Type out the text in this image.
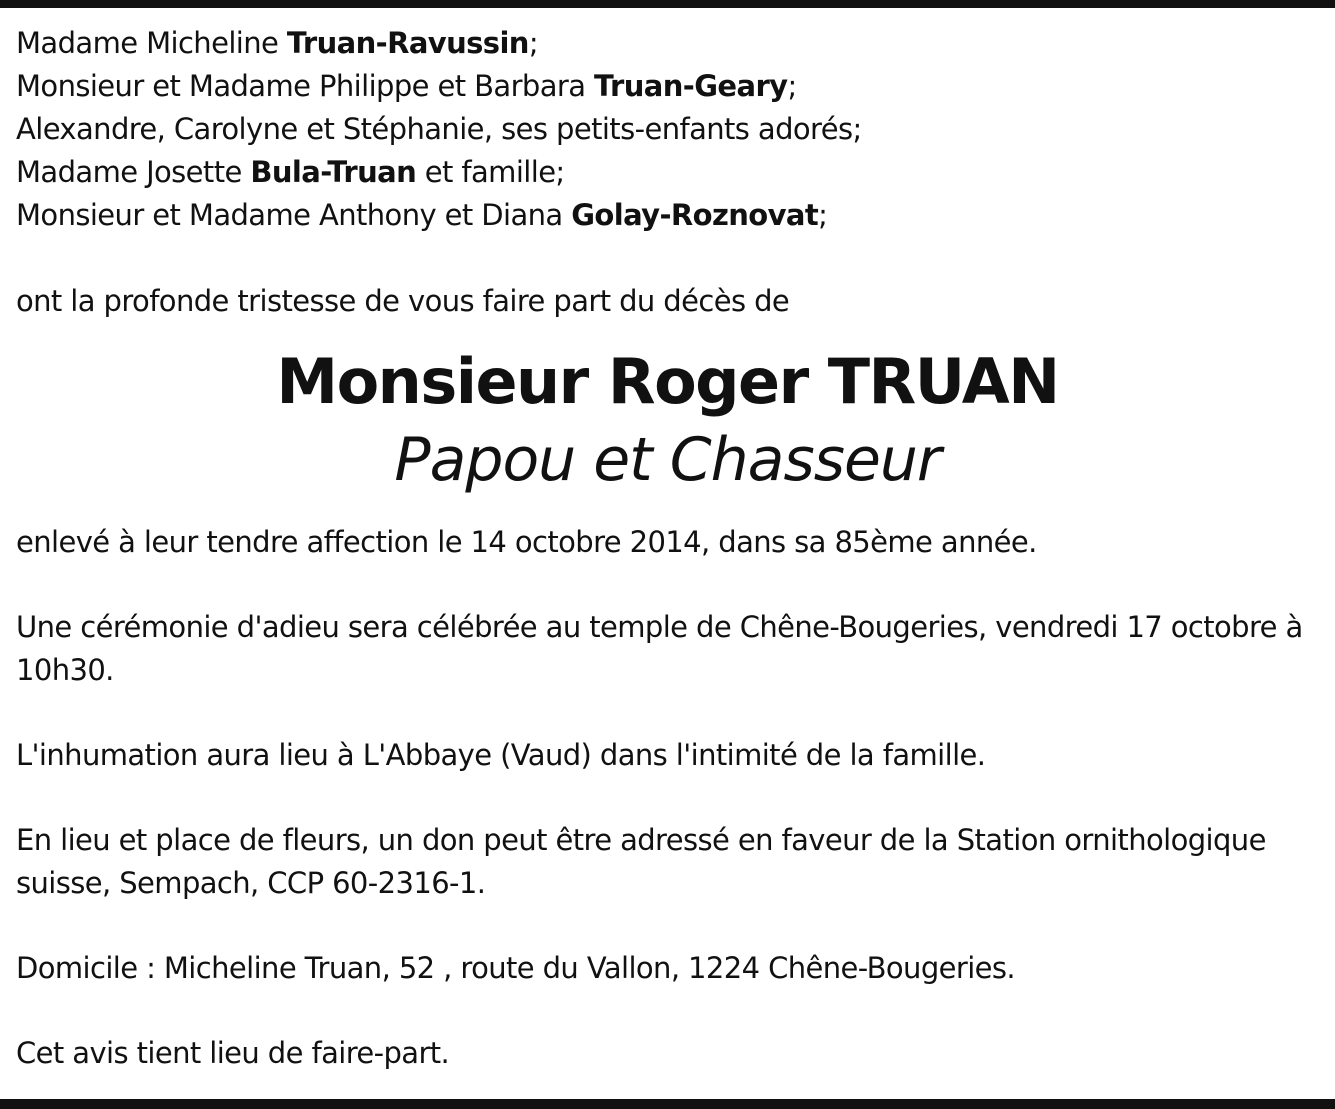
Madame Micheline Truan-Ravussin;
Monsieur et Madame Philippe et Barbara Truan-Geary;
Alexandre, Carolyne et Stéphanie, ses petits-enfants adorés;
Madame Josette Bula-Truan et famille;
Monsieur et Madame Anthony et Diana Golay-Roznovat;
ont la profonde tristesse de vous faire part du décès de
Monsieur Roger TRUAN
Papou et Chasseur
enlevé à leur tendre affection le 14 octobre 2014, dans sa 85ème année.
Une cérémonie d'adieu sera célébrée au temple de Chêne-Bougeries, vendredi 17 octobre à 10h30.
L'inhumation aura lieu à L'Abbaye (Vaud) dans l'intimité de la famille.
En lieu et place de fleurs, un don peut être adressé en faveur de la Station ornithologique suisse, Sempach, CCP 60-2316-1.
Domicile : Micheline Truan, 52 , route du Vallon, 1224 Chêne-Bougeries.
Cet avis tient lieu de faire-part.
